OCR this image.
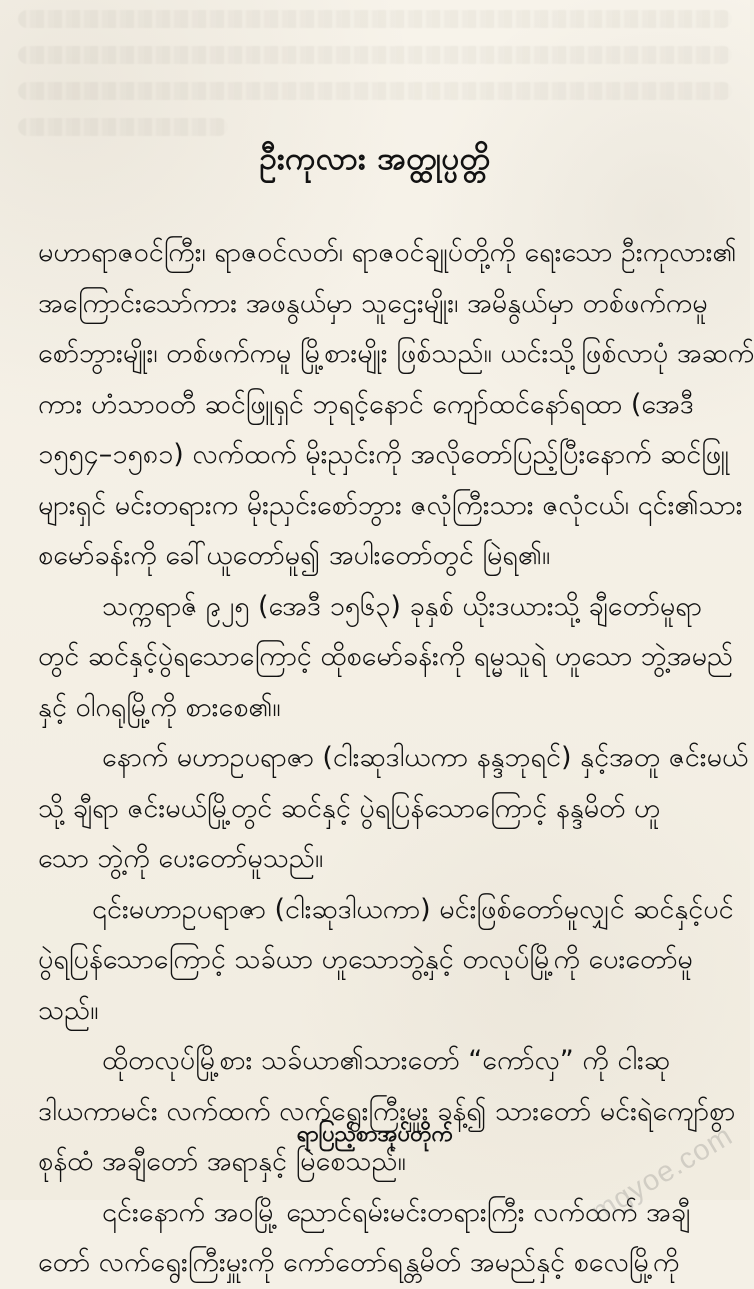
ဦးကုလား အတ္ထုပ္ပတ္တိ
မဟာရာဇဝင်ကြီး၊ ရာဇဝင်လတ်၊ ရာဇဝင်ချုပ်တို့ကို ရေးသော ဦးကုလား၏
အကြောင်းသော်ကား အဖနွယ်မှာ သူဌေးမျိုး၊ အမိနွယ်မှာ တစ်ဖက်ကမူ
စော်ဘွားမျိုး၊ တစ်ဖက်ကမူ မြို့စားမျိုး ဖြစ်သည်။ ယင်းသို့ဖြစ်လာပုံ အဆက်
ကား ဟံသာဝတီ ဆင်ဖြူရှင် ဘုရင့်နောင် ကျော်ထင်နော်ရထာ (အေဒီ
၁၅၅၄–၁၅၈၁) လက်ထက် မိုးညှင်းကို အလိုတော်ပြည့်ပြီးနောက် ဆင်ဖြူ
များရှင် မင်းတရားက မိုးညှင်းစော်ဘွား ဇလုံကြီးသား ဇလုံငယ်၊ ၎င်း၏သား
စမော်ခန်းကို ခေါ်ယူတော်မူ၍ အပါးတော်တွင် မြဲရ၏။
သက္ကရာဇ် ၉၂၅ (အေဒီ ၁၅၆၃) ခုနှစ် ယိုးဒယားသို့ ချီတော်မူရာ
တွင် ဆင်နှင့်ပွဲရသောကြောင့် ထိုစမော်ခန်းကို ရမ္မသူရဲ ဟူသော ဘွဲ့အမည်
နှင့် ဝါဂရုမြို့ကို စားစေ၏။
နောက် မဟာဥပရာဇာ (ငါးဆုဒါယကာ နန္ဒဘုရင်) နှင့်အတူ ဇင်းမယ်
သို့ ချီရာ ဇင်းမယ်မြို့တွင် ဆင်နှင့် ပွဲရပြန်သောကြောင့် နန္ဒမိတ် ဟူ
သော ဘွဲ့ကို ပေးတော်မူသည်။
၎င်းမဟာဥပရာဇာ (ငါးဆုဒါယကာ) မင်းဖြစ်တော်မူလျှင် ဆင်နှင့်ပင်
ပွဲရပြန်သောကြောင့် သခ်ယာ ဟူသောဘွဲ့နှင့် တလုပ်မြို့ကို ပေးတော်မူ
သည်။
ထိုတလုပ်မြို့စား သခ်ယာ၏သားတော် “ကော်လှ” ကို ငါးဆု
ဒါယကာမင်း လက်ထက် လက်ရွေးကြီးမှူး ခန့်၍ သားတော် မင်းရဲကျော်စွာ
စုန်ထံ အချီတော် အရာနှင့် မြဲစေသည်။
၎င်းနောက် အဝမြို့ ညောင်ရမ်းမင်းတရားကြီး လက်ထက် အချီ
တော် လက်ရွေးကြီးမှူးကို ကော်တော်ရန္တမိတ် အမည်နှင့် စလေမြို့ကို
ရာပြည့်စာအုပ်တိုက်	mgyoe.com
